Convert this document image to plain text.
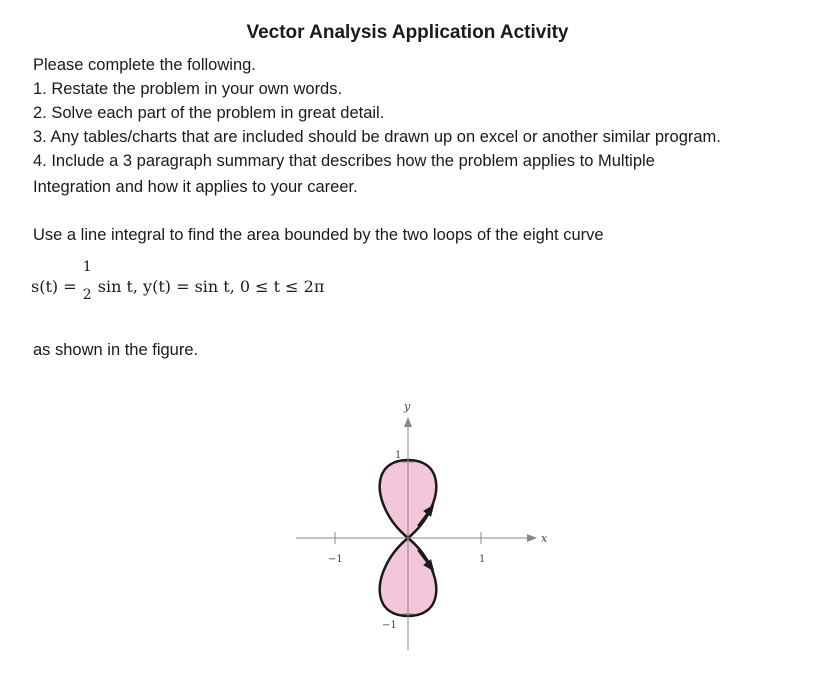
Vector Analysis Application Activity
Please complete the following.
1. Restate the problem in your own words.
2. Solve each part of the problem in great detail.
3. Any tables/charts that are included should be drawn up on excel or another similar program.
4. Include a 3 paragraph summary that describes how the problem applies to Multiple
Integration and how it applies to your career.
Use a line integral to find the area bounded by the two loops of the eight curve
s(t) =
1
2 sin t, y(t) = sin t, 0 ≤ t ≤ 2π
as shown in the figure.
y
x
−1	1
1
−1
